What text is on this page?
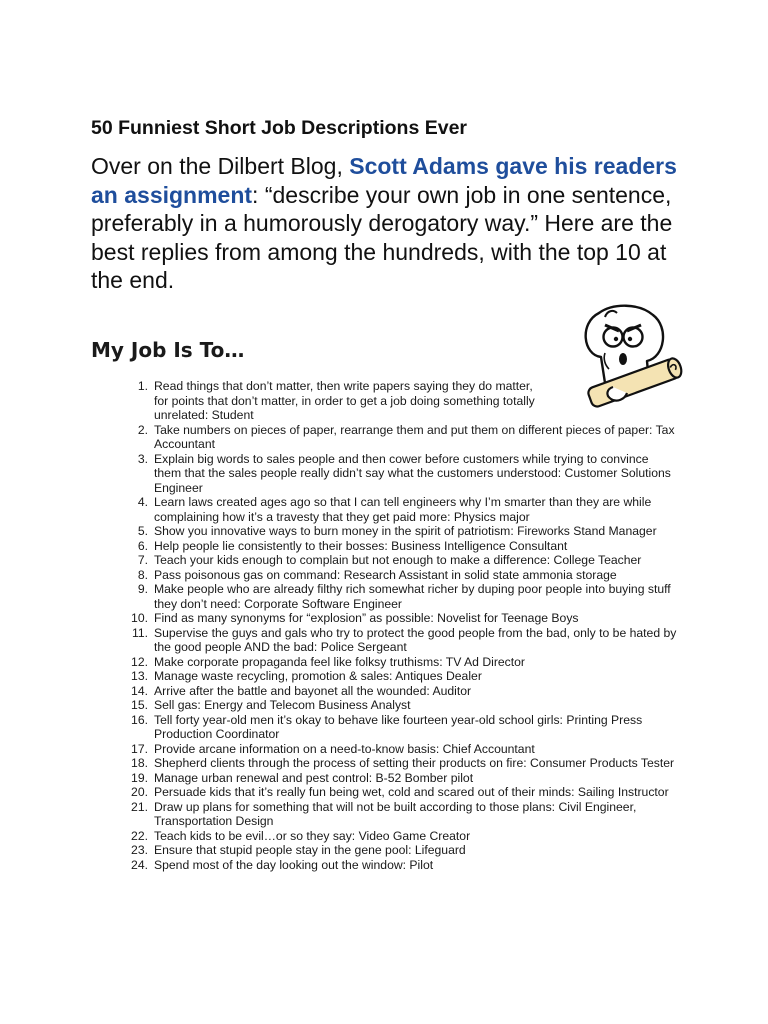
50 Funniest Short Job Descriptions Ever

Over on the Dilbert Blog, Scott Adams gave his readers an assignment: “describe your own job in one sentence, preferably in a humorously derogatory way.” Here are the best replies from among the hundreds, with the top 10 at the end.

My Job Is To…
1. Read things that don’t matter, then write papers saying they do matter, for points that don’t matter, in order to get a job doing something totally unrelated: Student
2. Take numbers on pieces of paper, rearrange them and put them on different pieces of paper: Tax Accountant
3. Explain big words to sales people and then cower before customers while trying to convince them that the sales people really didn’t say what the customers understood: Customer Solutions Engineer
4. Learn laws created ages ago so that I can tell engineers why I’m smarter than they are while complaining how it’s a travesty that they get paid more: Physics major
5. Show you innovative ways to burn money in the spirit of patriotism: Fireworks Stand Manager
6. Help people lie consistently to their bosses: Business Intelligence Consultant
7. Teach your kids enough to complain but not enough to make a difference: College Teacher
8. Pass poisonous gas on command: Research Assistant in solid state ammonia storage
9. Make people who are already filthy rich somewhat richer by duping poor people into buying stuff they don’t need: Corporate Software Engineer
10. Find as many synonyms for “explosion” as possible: Novelist for Teenage Boys
11. Supervise the guys and gals who try to protect the good people from the bad, only to be hated by the good people AND the bad: Police Sergeant
12. Make corporate propaganda feel like folksy truthisms: TV Ad Director
13. Manage waste recycling, promotion & sales: Antiques Dealer
14. Arrive after the battle and bayonet all the wounded: Auditor
15. Sell gas: Energy and Telecom Business Analyst
16. Tell forty year-old men it’s okay to behave like fourteen year-old school girls: Printing Press Production Coordinator
17. Provide arcane information on a need-to-know basis: Chief Accountant
18. Shepherd clients through the process of setting their products on fire: Consumer Products Tester
19. Manage urban renewal and pest control: B-52 Bomber pilot
20. Persuade kids that it’s really fun being wet, cold and scared out of their minds: Sailing Instructor
21. Draw up plans for something that will not be built according to those plans: Civil Engineer, Transportation Design
22. Teach kids to be evil…or so they say: Video Game Creator
23. Ensure that stupid people stay in the gene pool: Lifeguard
24. Spend most of the day looking out the window: Pilot
